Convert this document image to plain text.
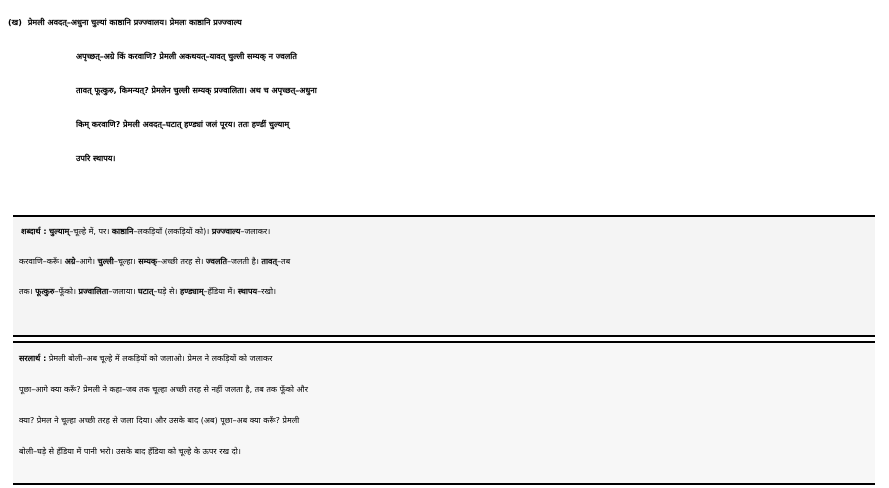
(ख) प्रेमली अवदत्–अधुना चुल्यां काष्ठानि प्रज्ज्वालय। प्रेमलः काष्ठानि प्रज्ज्वाल्य
अपृच्छत्–अग्रे किं करवाणि? प्रेमली अकथयत्–यावत् चुल्ली सम्यक् न ज्वलति
तावत् फूत्कुरु, किमन्यत्? प्रेमलेन चुल्ली सम्यक् प्रज्वालिता। अथ च अपृच्छत्–अधुना
किम् करवाणि? प्रेमली अवदत्–घटात् हण्ड्यां जलं पूरय। ततः हण्डीं चुल्याम्
उपरि स्थापय।
शब्दार्थ : चुल्याम्–चूल्हे में, पर। काष्ठानि–लकड़ियाँ (लकड़ियों को)। प्रज्ज्वाल्य–जलाकर।
करवाणि–करूँ। अग्रे–आगे। चुल्ली–चूल्हा। सम्यक्–अच्छी तरह से। ज्वलति–जलती है। तावत्–तब
तक। फूत्कुरु–फूँको। प्रज्वालिता–जलाया। घटात्–घड़े से। हण्ड्याम्–हँडिया में। स्थापय–रखो।
सरलार्थ : प्रेमली बोली–अब चूल्हे में लकड़ियों को जलाओ। प्रेमल ने लकड़ियों को जलाकर
पूछा–आगे क्या करूँ? प्रेमली ने कहा–जब तक चूल्हा अच्छी तरह से नहीं जलता है, तब तक फूँको और
क्या? प्रेमल ने चूल्हा अच्छी तरह से जला दिया। और उसके बाद (अब) पूछा–अब क्या करूँ? प्रेमली
बोली–घड़े से हँडिया में पानी भरो। उसके बाद हँडिया को चूल्हे के ऊपर रख दो।
